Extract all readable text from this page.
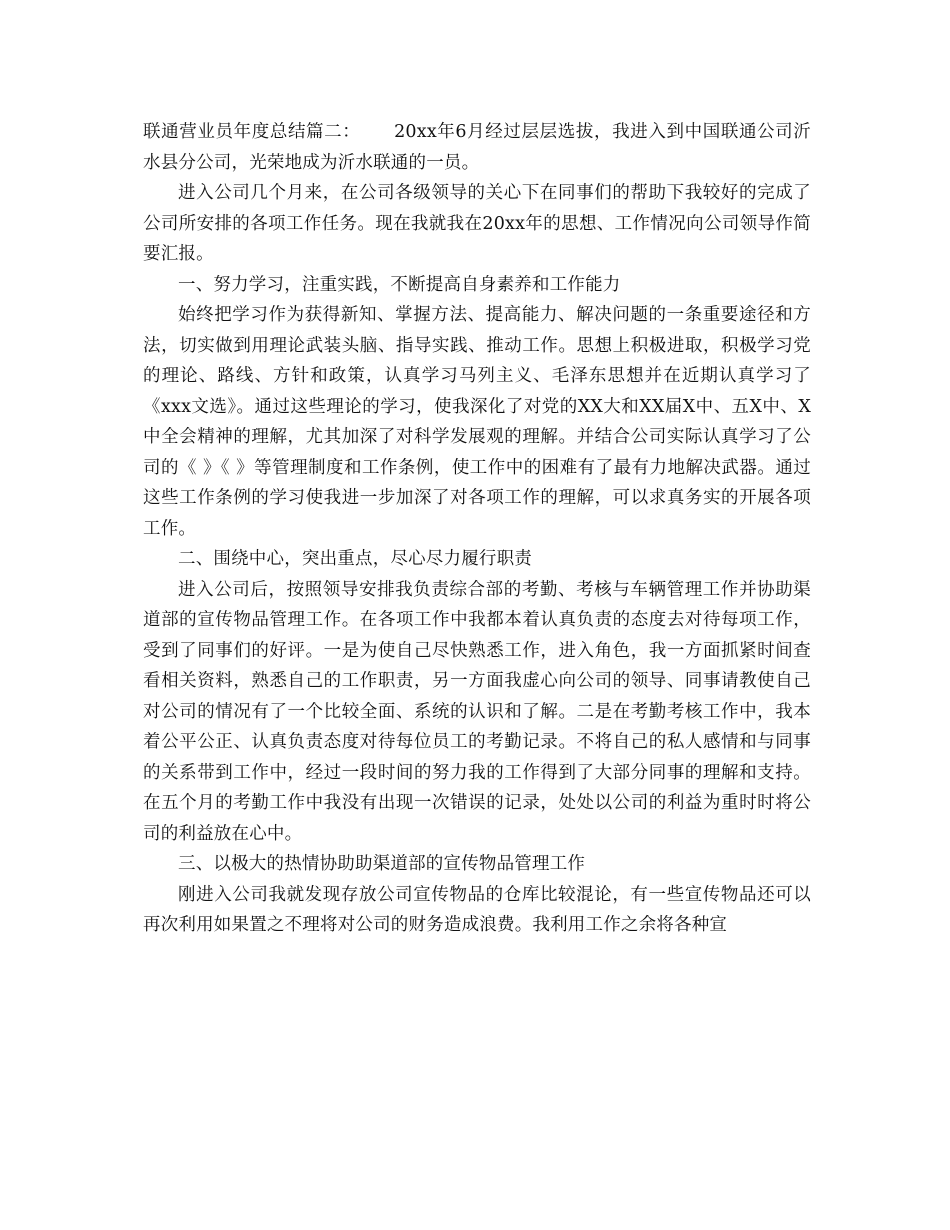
联通营业员年度总结篇二：　　 20xx年6月经过层层选拔，我进入到中国联通公司沂水县分公司，光荣地成为沂水联通的一员。

进入公司几个月来，在公司各级领导的关心下在同事们的帮助下我较好的完成了公司所安排的各项工作任务。现在我就我在20xx年的思想、工作情况向公司领导作简要汇报。

一、努力学习，注重实践，不断提高自身素养和工作能力

始终把学习作为获得新知、掌握方法、提高能力、解决问题的一条重要途径和方法，切实做到用理论武装头脑、指导实践、推动工作。思想上积极进取，积极学习党的理论、路线、方针和政策，认真学习马列主义、毛泽东思想并在近期认真学习了《xxx文选》。通过这些理论的学习，使我深化了对党的XX大和XX届X中、五X中、X中全会精神的理解，尤其加深了对科学发展观的理解。并结合公司实际认真学习了公司的《 》《 》等管理制度和工作条例，使工作中的困难有了最有力地解决武器。通过这些工作条例的学习使我进一步加深了对各项工作的理解，可以求真务实的开展各项工作。

二、围绕中心，突出重点，尽心尽力履行职责

进入公司后，按照领导安排我负责综合部的考勤、考核与车辆管理工作并协助渠道部的宣传物品管理工作。在各项工作中我都本着认真负责的态度去对待每项工作，受到了同事们的好评。一是为使自己尽快熟悉工作，进入角色，我一方面抓紧时间查看相关资料，熟悉自己的工作职责，另一方面我虚心向公司的领导、同事请教使自己对公司的情况有了一个比较全面、系统的认识和了解。二是在考勤考核工作中，我本着公平公正、认真负责态度对待每位员工的考勤记录。不将自己的私人感情和与同事的关系带到工作中，经过一段时间的努力我的工作得到了大部分同事的理解和支持。在五个月的考勤工作中我没有出现一次错误的记录，处处以公司的利益为重时时将公司的利益放在心中。

三、以极大的热情协助助渠道部的宣传物品管理工作

刚进入公司我就发现存放公司宣传物品的仓库比较混论，有一些宣传物品还可以再次利用如果置之不理将对公司的财务造成浪费。我利用工作之余将各种宣
